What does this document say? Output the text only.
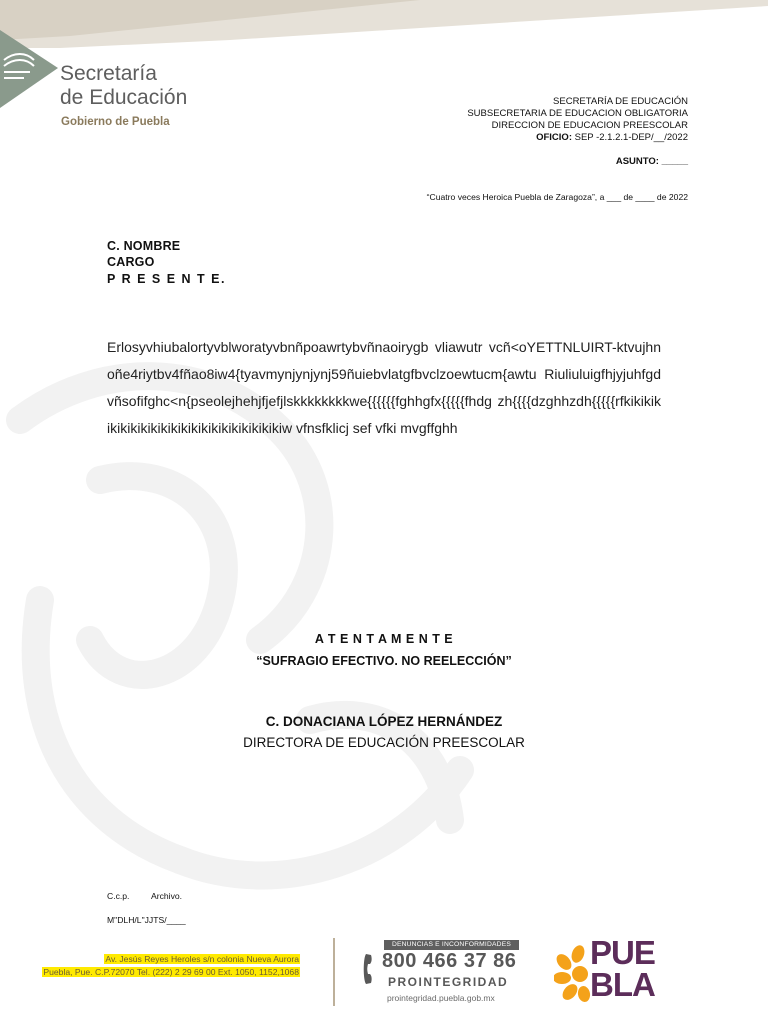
Secretaría
de Educación
Gobierno de Puebla
SECRETARÍA DE EDUCACIÓN
SUBSECRETARIA DE EDUCACION OBLIGATORIA
DIRECCION DE EDUCACION PREESCOLAR
OFICIO: SEP -2.1.2.1-DEP/__/2022
ASUNTO: _____
“Cuatro veces Heroica Puebla de Zaragoza”, a ___ de ____ de 2022
C. NOMBRE
CARGO
P R E S E N T E.
Erlosyvhiubalortyvblworatyvbnñpoawrtybvñnaoirygb vliawutr vcñ<oYETTNLUIRT-ktvujhnoñe4riytbv4fñao8iw4{tyavmynjynjynj59ñuiebvlatgfbvclzoewtucm{awtu Riuliuluigfhjyjuhfgdvñsofifghc<n{pseolejhehjfjefjlskkkkkkkkwe{{{{{{fghhgfx{{{{{fhdg zh{{{{dzghhzdh{{{{{rfkikikikikikikikikikikikikikikikikikikikikiw vfnsfklicj sef vfki mvgffghh
A T E N T A M E N T E
“SUFRAGIO EFECTIVO. NO REELECCIÓN”
C. DONACIANA LÓPEZ HERNÁNDEZ
DIRECTORA DE EDUCACIÓN PREESCOLAR
C.c.p.	Archivo.
M"DLH/L"JJTS/____
Av. Jesús Reyes Heroles s/n colonia Nueva Aurora
Puebla, Pue. C.P.72070 Tel. (222) 2 29 69 00 Ext. 1050, 1152,1068
DENUNCIAS E INCONFORMIDADES
800 466 37 86
PROINTEGRIDAD
prointegridad.puebla.gob.mx
PUE
BLA
